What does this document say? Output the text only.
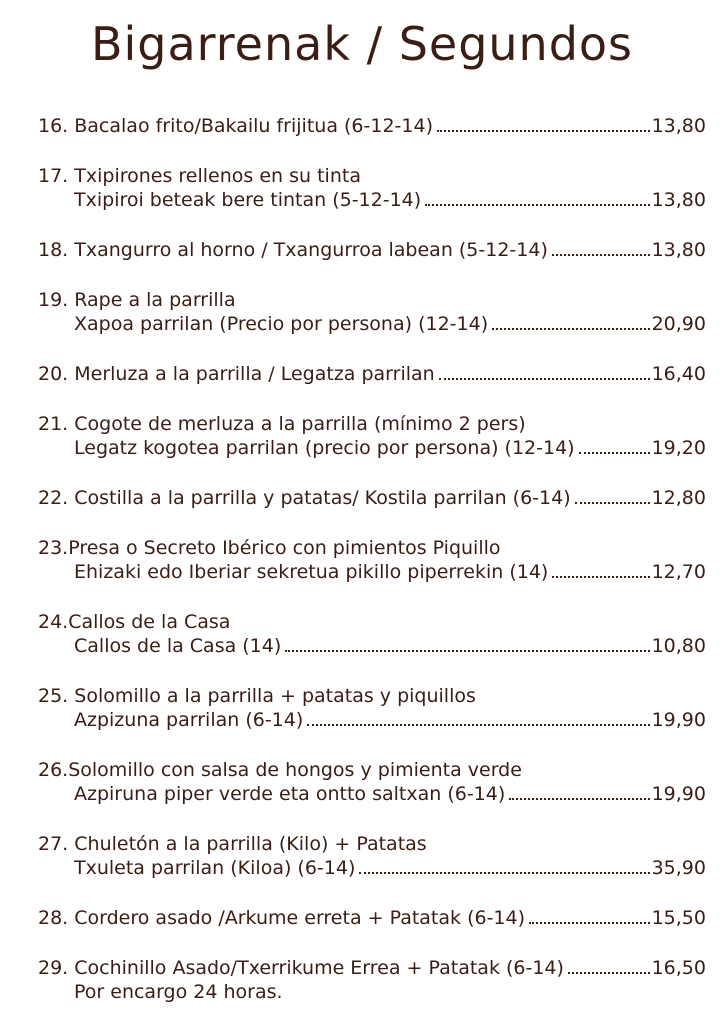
Bigarrenak / Segundos
16. Bacalao frito/Bakailu frijitua (6-12-14)	13,80
17. Txipirones rellenos en su tinta
Txipiroi beteak bere tintan (5-12-14)	13,80
18. Txangurro al horno / Txangurroa labean (5-12-14)	13,80
19. Rape a la parrilla
Xapoa parrilan (Precio por persona) (12-14)	20,90
20. Merluza a la parrilla / Legatza parrilan	16,40
21. Cogote de merluza a la parrilla (mínimo 2 pers)
Legatz kogotea parrilan (precio por persona) (12-14)	19,20
22. Costilla a la parrilla y patatas/ Kostila parrilan (6-14)	12,80
23.Presa o Secreto Ibérico con pimientos Piquillo
Ehizaki edo Iberiar sekretua pikillo piperrekin (14)	12,70
24.Callos de la Casa
Callos de la Casa (14)	10,80
25. Solomillo a la parrilla + patatas y piquillos
Azpizuna parrilan (6-14)	19,90
26.Solomillo con salsa de hongos y pimienta verde
Azpiruna piper verde eta ontto saltxan (6-14)	19,90
27. Chuletón a la parrilla (Kilo) + Patatas
Txuleta parrilan (Kiloa) (6-14)	35,90
28. Cordero asado /Arkume erreta + Patatak (6-14)	15,50
29. Cochinillo Asado/Txerrikume Errea + Patatak (6-14)	16,50
Por encargo 24 horas.
